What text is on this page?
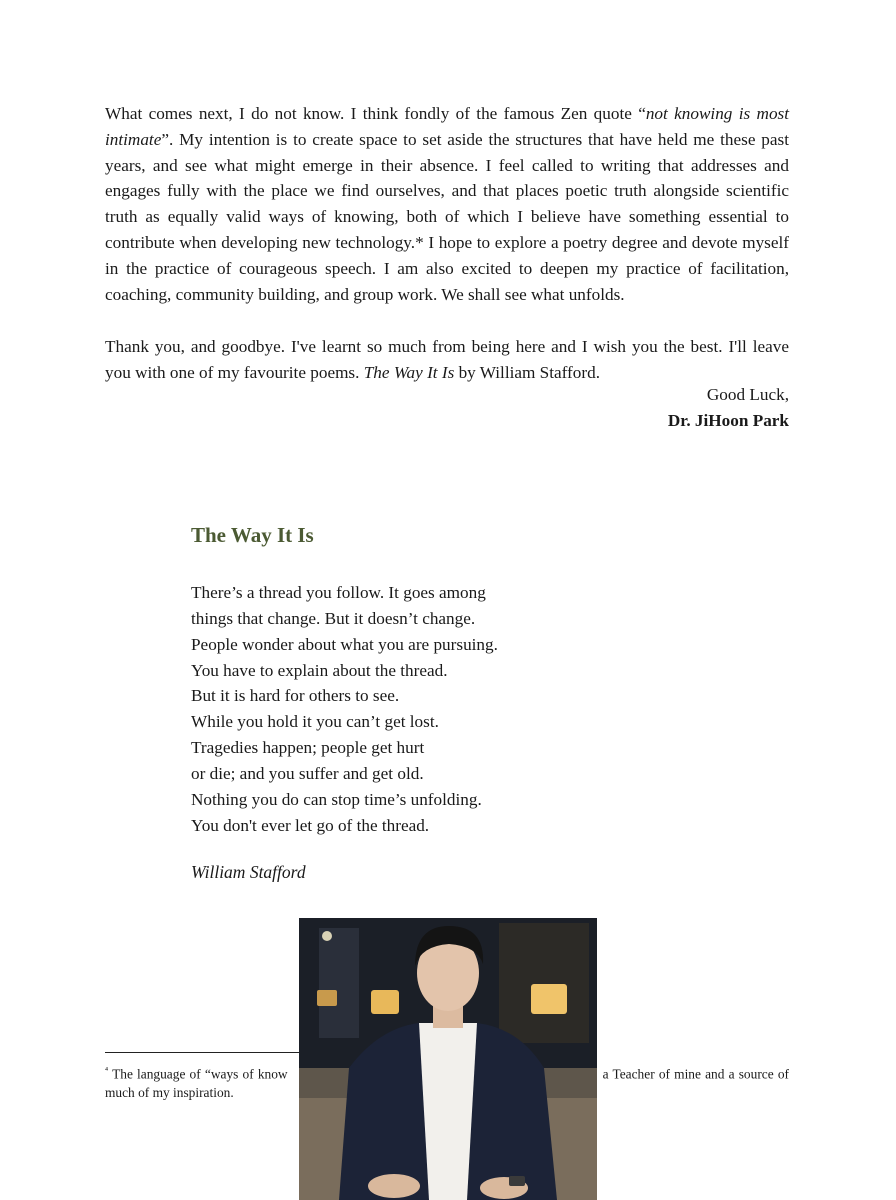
What comes next, I do not know. I think fondly of the famous Zen quote “not knowing is most intimate”. My intention is to create space to set aside the structures that have held me these past years, and see what might emerge in their absence. I feel called to writing that addresses and engages fully with the place we find ourselves, and that places poetic truth alongside scientific truth as equally valid ways of knowing, both of which I believe have something essential to contribute when developing new technology.* I hope to explore a poetry degree and devote myself in the practice of courageous speech. I am also excited to deepen my practice of facilitation, coaching, community building, and group work. We shall see what unfolds.

Thank you, and goodbye. I've learnt so much from being here and I wish you the best. I'll leave you with one of my favourite poems. The Way It Is by William Stafford.

Good Luck,

Dr. JiHoon Park

The Way It Is
There’s a thread you follow. It goes among
things that change. But it doesn’t change.
People wonder about what you are pursuing.
You have to explain about the thread.
But it is hard for others to see.
While you hold it you can’t get lost.
Tragedies happen; people get hurt
or die; and you suffer and get old.
Nothing you do can stop time’s unfolding.
You don't ever let go of the thread.

William Stafford

$^{^4}$ The language of “ways of know	a Teacher of mine and a source of much of my inspiration.
